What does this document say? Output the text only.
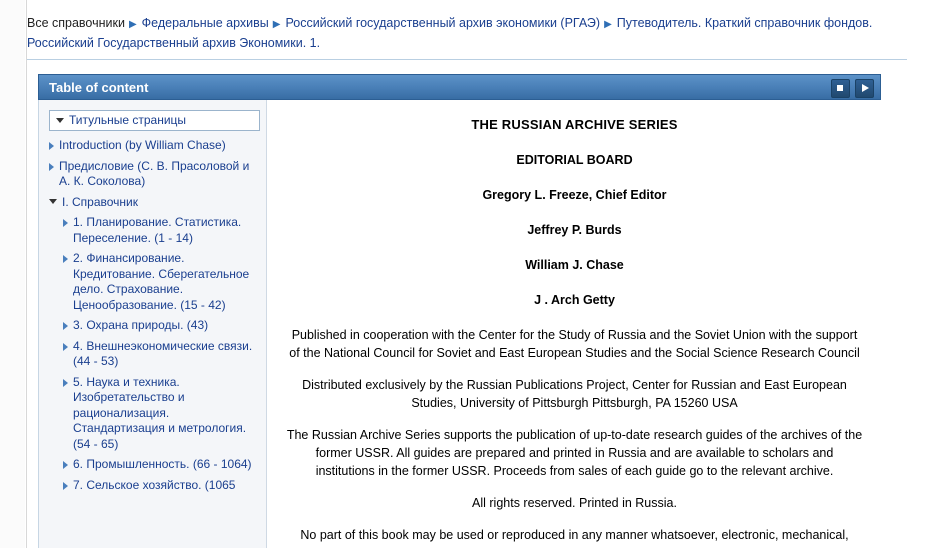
Все справочники ▶ Федеральные архивы ▶ Российский государственный архив экономики (РГАЭ) ▶ Путеводитель. Краткий справочник фондов. Российский Государственный архив Экономики. 1.
Table of content
Титульные страницы
Introduction (by William Chase)
Предисловие (С. В. Прасоловой и А. К. Соколова)
I. Справочник
1. Планирование. Статистика. Переселение. (1 - 14)
2. Финансирование. Кредитование. Сберегательное дело. Страхование. Ценообразование. (15 - 42)
3. Охрана природы. (43)
4. Внешнеэкономические связи. (44 - 53)
5. Наука и техника. Изобретательство и рационализация. Стандартизация и метрология. (54 - 65)
6. Промышленность. (66 - 1064)
7. Сельское хозяйство. (1065

THE RUSSIAN ARCHIVE SERIES

EDITORIAL BOARD

Gregory L. Freeze, Chief Editor

Jeffrey P. Burds

William J. Chase

J . Arch Getty

Published in cooperation with the Center for the Study of Russia and the Soviet Union with the support of the National Council for Soviet and East European Studies and the Social Science Research Council

Distributed exclusively by the Russian Publications Project, Center for Russian and East European Studies, University of Pittsburgh Pittsburgh, PA 15260 USA

The Russian Archive Series supports the publication of up-to-date research guides of the archives of the former USSR. All guides are prepared and printed in Russia and are available to scholars and institutions in the former USSR. Proceeds from sales of each guide go to the relevant archive.

All rights reserved. Printed in Russia.

No part of this book may be used or reproduced in any manner whatsoever, electronic, mechanical,
